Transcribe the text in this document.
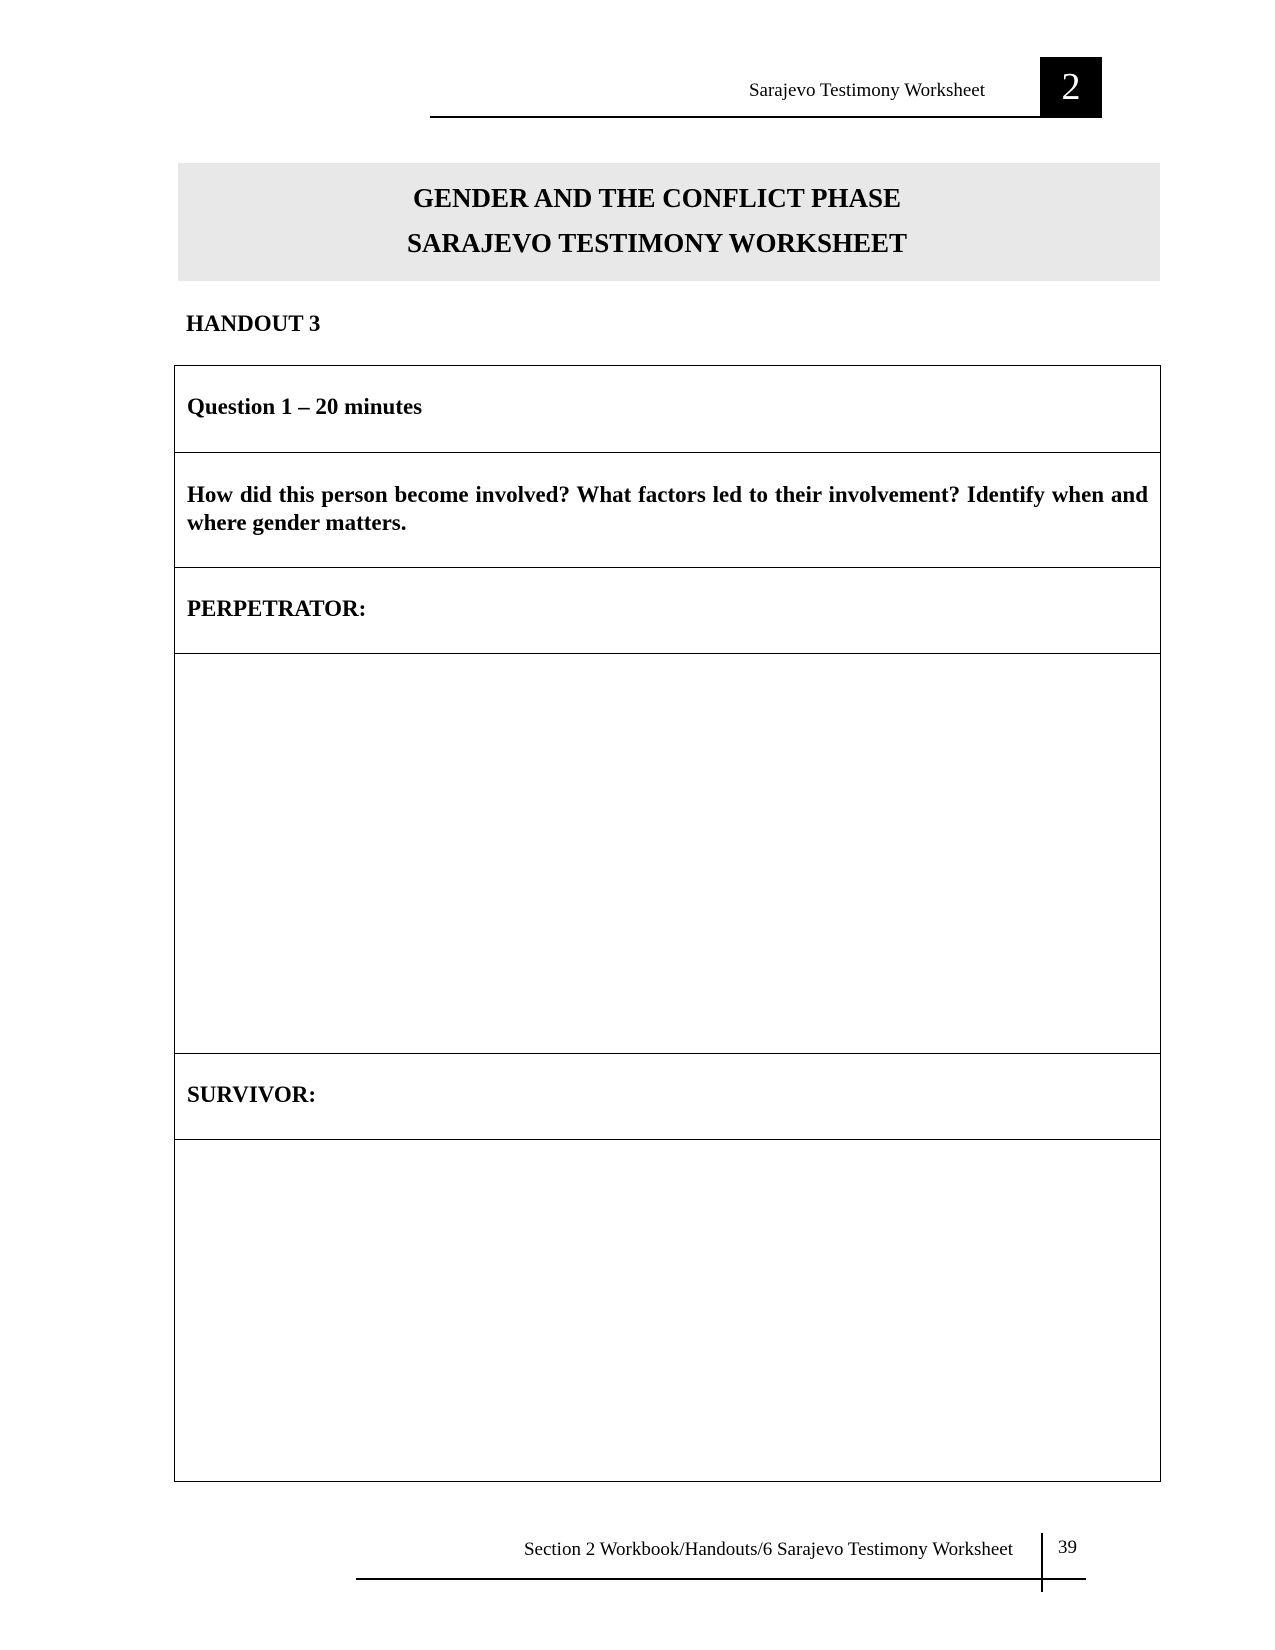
Sarajevo Testimony Worksheet	2
GENDER AND THE CONFLICT PHASE
SARAJEVO TESTIMONY WORKSHEET
HANDOUT 3
Question 1 – 20 minutes
How did this person become involved? What factors led to their involvement? Identify when and where gender matters.
PERPETRATOR:
SURVIVOR:
Section 2 Workbook/Handouts/6 Sarajevo Testimony Worksheet 39
